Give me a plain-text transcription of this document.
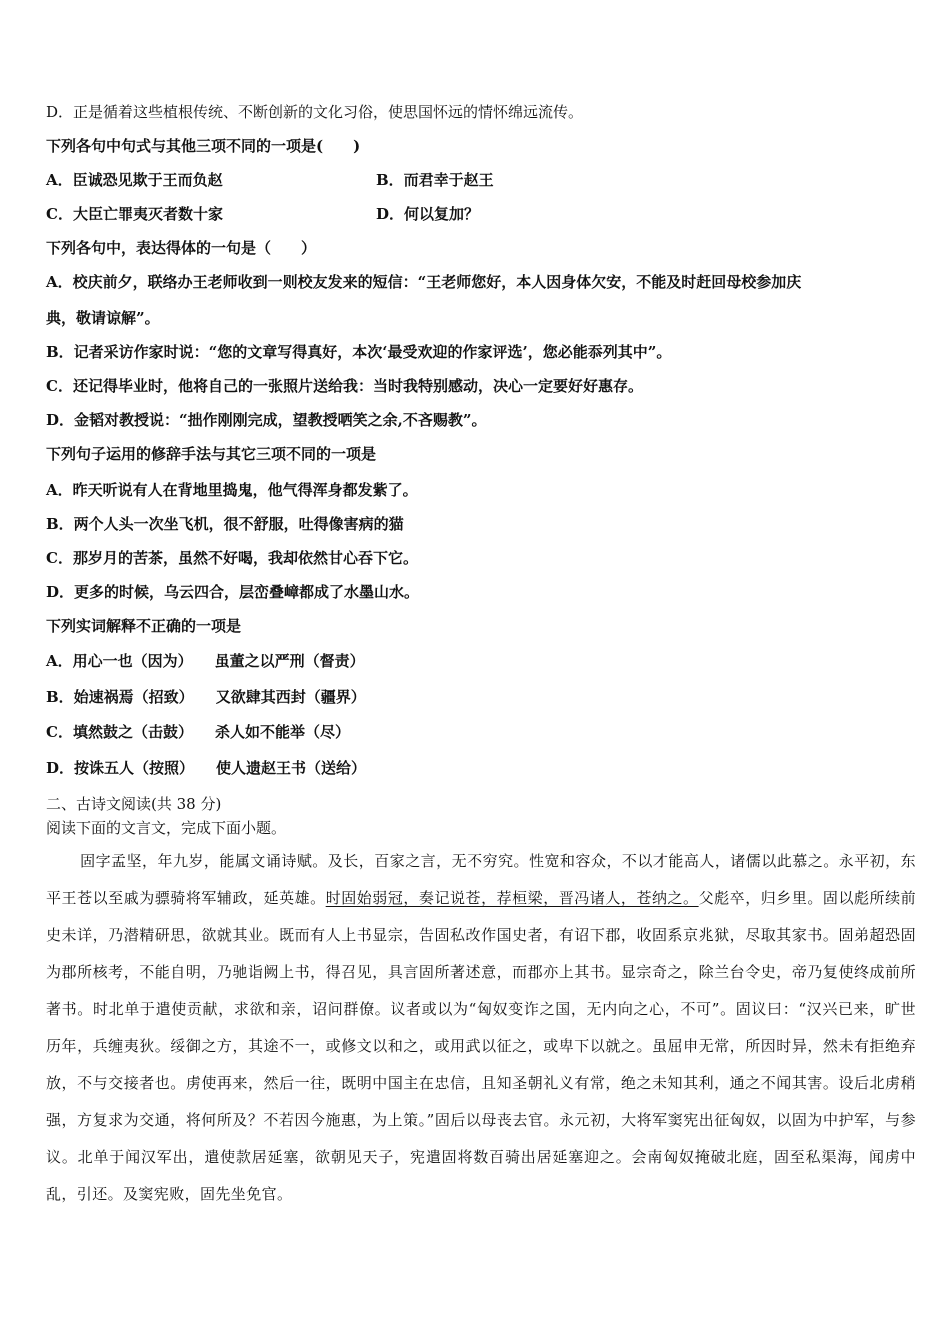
D．正是循着这些植根传统、不断创新的文化习俗，使思国怀远的情怀绵远流传。
下列各句中句式与其他三项不同的一项是(　　)
A．臣诚恐见欺于王而负赵	B．而君幸于赵王
C．大臣亡罪夷灭者数十家	D．何以复加？
下列各句中，表达得体的一句是（　　）
A．校庆前夕，联络办王老师收到一则校友发来的短信：“王老师您好，本人因身体欠安，不能及时赶回母校参加庆
典，敬请谅解”。
B．记者采访作家时说：“您的文章写得真好，本次‘最受欢迎的作家评选’，您必能忝列其中”。
C．还记得毕业时，他将自己的一张照片送给我：当时我特别感动，决心一定要好好惠存。
D．金韬对教授说：“拙作刚刚完成，望教授哂笑之余,不吝赐教”。
下列句子运用的修辞手法与其它三项不同的一项是
A．昨天听说有人在背地里捣鬼，他气得浑身都发紫了。
B．两个人头一次坐飞机，很不舒服，吐得像害病的猫
C．那岁月的苦茶，虽然不好喝，我却依然甘心吞下它。
D．更多的时候，乌云四合，层峦叠嶂都成了水墨山水。
下列实词解释不正确的一项是
A．用心一也（因为） 虽董之以严刑（督责）
B．始速祸焉（招致） 又欲肆其西封（疆界）
C．填然鼓之（击鼓） 杀人如不能举（尽）
D．按诛五人（按照） 使人遗赵王书（送给）
二、古诗文阅读(共 38 分)
阅读下面的文言文，完成下面小题。
固字孟坚，年九岁，能属文诵诗赋。及长，百家之言，无不穷究。性宽和容众，不以才能高人，诸儒以此慕之。永平初，东平王苍以至戚为骠骑将军辅政，延英雄。时固始弱冠，奏记说苍，荐桓梁，晋冯诸人，苍纳之。父彪卒，归乡里。固以彪所续前史未详，乃潜精研思，欲就其业。既而有人上书显宗，告固私改作国史者，有诏下郡，收固系京兆狱，尽取其家书。固弟超恐固为郡所核考，不能自明，乃驰诣阙上书，得召见，具言固所著述意，而郡亦上其书。显宗奇之，除兰台令史，帝乃复使终成前所著书。时北单于遣使贡献，求欲和亲，诏问群僚。议者或以为“匈奴变诈之国，无内向之心，不可”。固议曰：“汉兴已来，旷世历年，兵缠夷狄。绥御之方，其途不一，或修文以和之，或用武以征之，或卑下以就之。虽屈申无常，所因时异，然未有拒绝弃放，不与交接者也。虏使再来，然后一往，既明中国主在忠信，且知圣朝礼义有常，绝之未知其利，通之不闻其害。设后北虏稍强，方复求为交通，将何所及？不若因今施惠，为上策。”固后以母丧去官。永元初，大将军窦宪出征匈奴，以固为中护军，与参议。北单于闻汉军出，遣使款居延塞，欲朝见天子，宪遣固将数百骑出居延塞迎之。会南匈奴掩破北庭，固至私渠海，闻虏中乱，引还。及窦宪败，固先坐免官。
